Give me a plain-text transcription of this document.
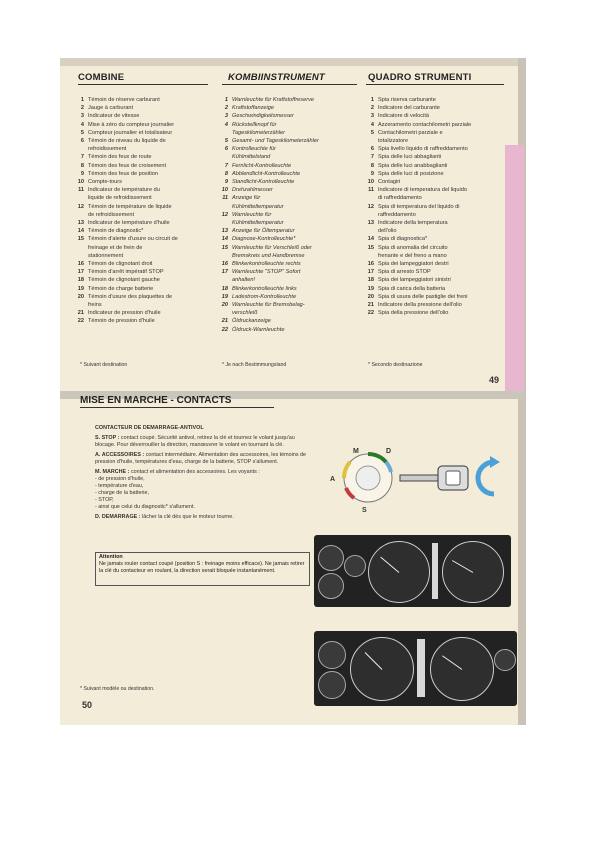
COMBINE	KOMBIINSTRUMENT	QUADRO STRUMENTI
1 Témoin de réserve carburant
2 Jauge à carburant
3 Indicateur de vitesse
4 Mise à zéro du compteur journalier
5 Compteur journalier et totalisateur
6 Témoin de niveau du liquide de
refroidissement
7 Témoin des feux de route
8 Témoin des feux de croisement
9 Témoin des feux de position
10 Compte-tours
11 Indicateur de température du
liquide de refroidissement
12 Témoin de température de liquide
de refroidissement
13 Indicateur de température d'huile
14 Témoin de diagnostic*
15 Témoin d'alerte d'usure ou circuit de
freinage et de frein de
stationnement
16 Témoin de clignotant droit
17 Témoin d'arrêt impératif STOP
18 Témoin de clignotant gauche
19 Témoin de charge batterie
20 Témoin d'usure des plaquettes de
freins
21 Indicateur de pression d'huile
22 Témoin de pression d'huile
1 Warnleuchte für Kraftstoffreserve
2 Kraftstoffanzeige
3 Geschwindigkeitsmesser
4 Rückstellknopf für
Tageskilometerzähler
5 Gesamt- und Tageskilometerzähler
6 Kontrolleuchte für
Kühlmittelstand
7 Fernlicht-Kontrolleuchte
8 Abblendlicht-Kontrolleuchte
9 Standlicht-Kontrolleuchte
10 Drehzahlmesser
11 Anzeige für
Kühlmitteltemperatur
12 Warnleuchte für
Kühlmitteltemperatur
13 Anzeige für Öltemperatur
14 Diagnose-Kontrolleuchte*
15 Warnleuchte für Verschleiß oder
Bremskreis und Handbremse
16 Blinkerkontrolleuchte rechts
17 Warnleuchte "STOP" Sofort
anhalten!
18 Blinkerkontrolleuchte links
19 Ladestrom-Kontrolleuchte
20 Warnleuchte für Bremsbelag-
verschleiß
21 Öldruckanzeige
22 Öldruck-Warnleuchte
1 Spia riserva carburante
2 Indicatore del carburante
3 Indicatore di velocità
4 Azzeramento contachilometri parziale
5 Contachilometri parziale e
totalizzatore
6 Spia livello liquido di raffreddamento
7 Spia delle luci abbaglianti
8 Spia delle luci anabbaglianti
9 Spia delle luci di posizione
10 Contagiri
11 Indicatore di temperatura del liquido
di raffreddamento
12 Spia di temperatura del liquido di
raffreddamento
13 Indicatore della temperatura
dell'olio
14 Spia di diagnostica*
15 Spia di anomalia del circuito
frenante e del freno a mano
16 Spia dei lampeggiatori destri
17 Spia di arresto STOP
18 Spia dei lampeggiatori sinistri
19 Spia di carica della batteria
20 Spia di usura delle pastiglie dei freni
21 Indicatore della pressione dell'olio
22 Spia della pressione dell'olio
* Suivant destination	* Je nach Bestimmungsland	* Secondo destinazione
49
MISE EN MARCHE - CONTACTS
CONTACTEUR DE DEMARRAGE-ANTIVOL
S. STOP : contact coupé. Sécurité antivol, retirez la clé et tournez le volant jusqu'au blocage. Pour déverrouiller la direction, manœuvrer le volant en tournant la clé.
A. ACCESSOIRES : contact intermédiaire. Alimentation des accessoires, les témoins de pression d'huile, températures d'eau, charge de la batterie, STOP s'allument.
M. MARCHE : contact et alimentation des accessoires. Les voyants :
- de pression d'huile,
- température d'eau,
- charge de la batterie,
- STOP,
- ainsi que celui du diagnostic* s'allument.
D. DEMARRAGE : lâcher la clé dès que le moteur tourne.
Attention
Ne jamais rouler contact coupé (position S : freinage moins efficace). Ne jamais retirer la clé du contacteur en roulant, la direction serait bloquée instantanément.
M	D
A
S
* Suivant modèle ou destination.
50
